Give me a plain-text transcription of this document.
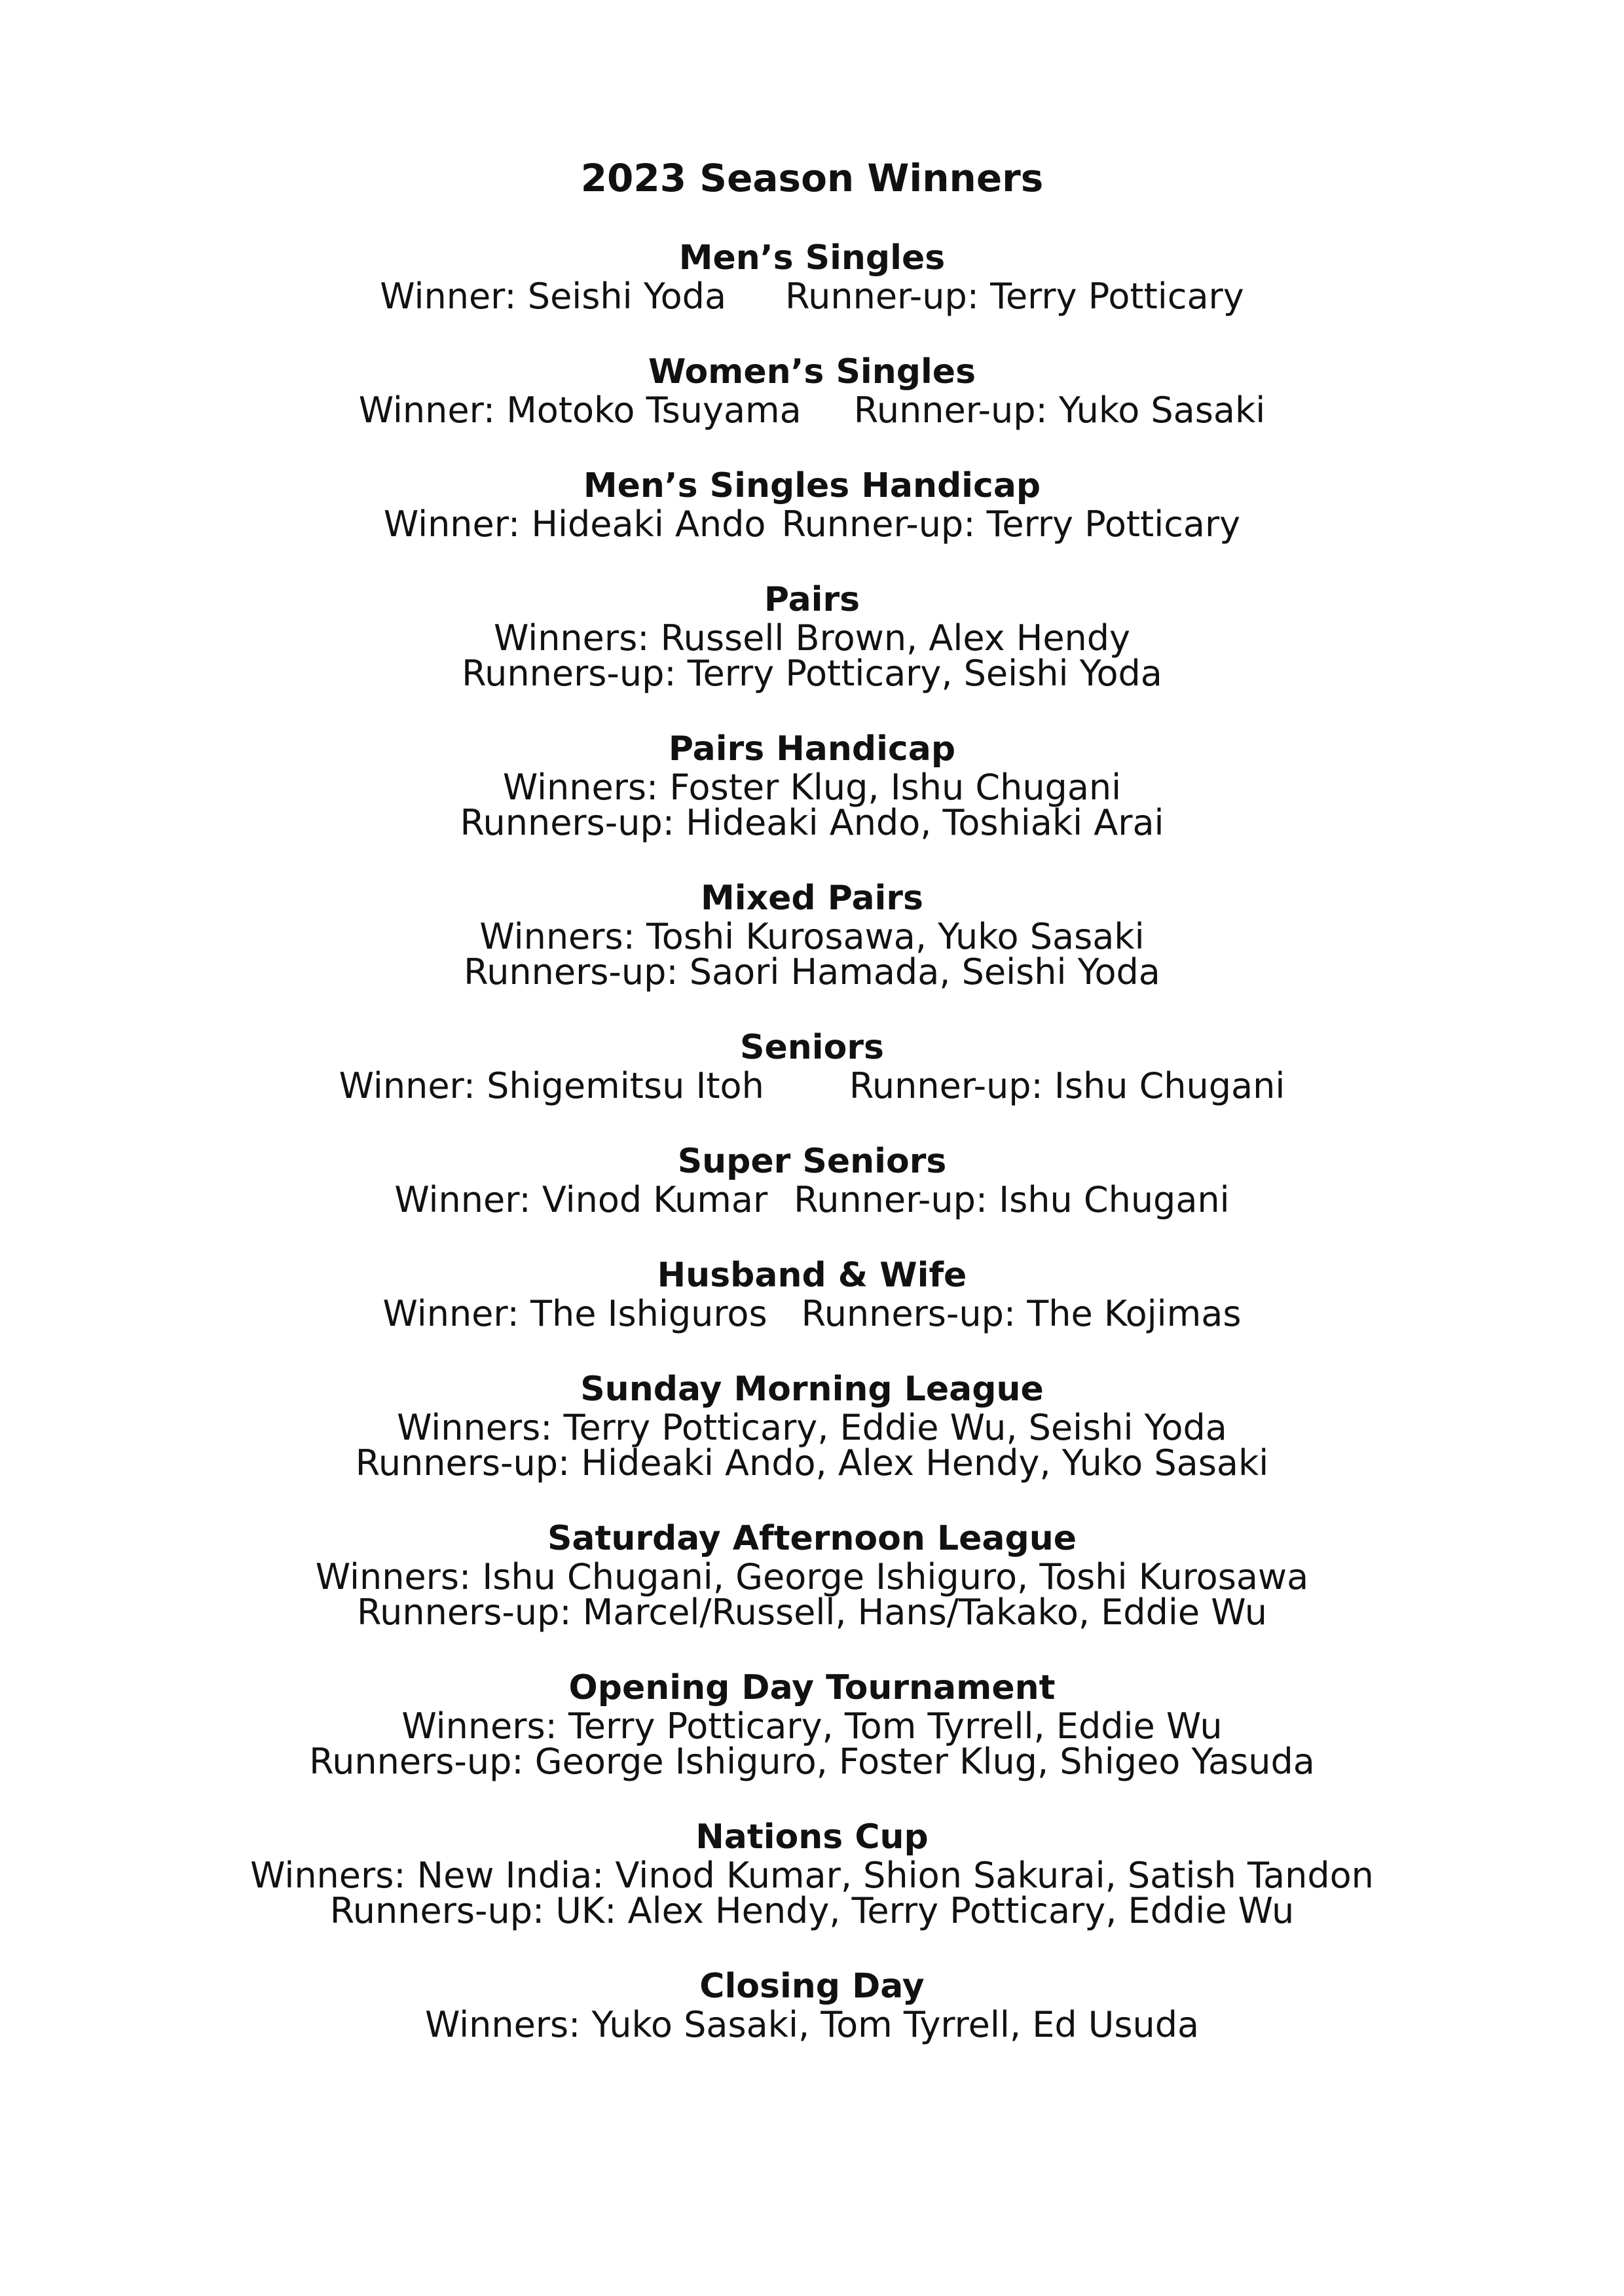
2023 Season Winners
Men’s Singles
Winner: Seishi Yoda Runner-up: Terry Potticary
Women’s Singles
Winner: Motoko Tsuyama Runner-up: Yuko Sasaki
Men’s Singles Handicap
Winner: Hideaki Ando Runner-up: Terry Potticary
Pairs
Winners: Russell Brown, Alex Hendy
Runners-up: Terry Potticary, Seishi Yoda
Pairs Handicap
Winners: Foster Klug, Ishu Chugani
Runners-up: Hideaki Ando, Toshiaki Arai
Mixed Pairs
Winners: Toshi Kurosawa, Yuko Sasaki
Runners-up: Saori Hamada, Seishi Yoda
Seniors
Winner: Shigemitsu Itoh Runner-up: Ishu Chugani
Super Seniors
Winner: Vinod Kumar Runner-up: Ishu Chugani
Husband & Wife
Winner: The Ishiguros Runners-up: The Kojimas
Sunday Morning League
Winners: Terry Potticary, Eddie Wu, Seishi Yoda
Runners-up: Hideaki Ando, Alex Hendy, Yuko Sasaki
Saturday Afternoon League
Winners: Ishu Chugani, George Ishiguro, Toshi Kurosawa
Runners-up: Marcel/Russell, Hans/Takako, Eddie Wu
Opening Day Tournament
Winners: Terry Potticary, Tom Tyrrell, Eddie Wu
Runners-up: George Ishiguro, Foster Klug, Shigeo Yasuda
Nations Cup
Winners: New India: Vinod Kumar, Shion Sakurai, Satish Tandon
Runners-up: UK: Alex Hendy, Terry Potticary, Eddie Wu
Closing Day
Winners: Yuko Sasaki, Tom Tyrrell, Ed Usuda
